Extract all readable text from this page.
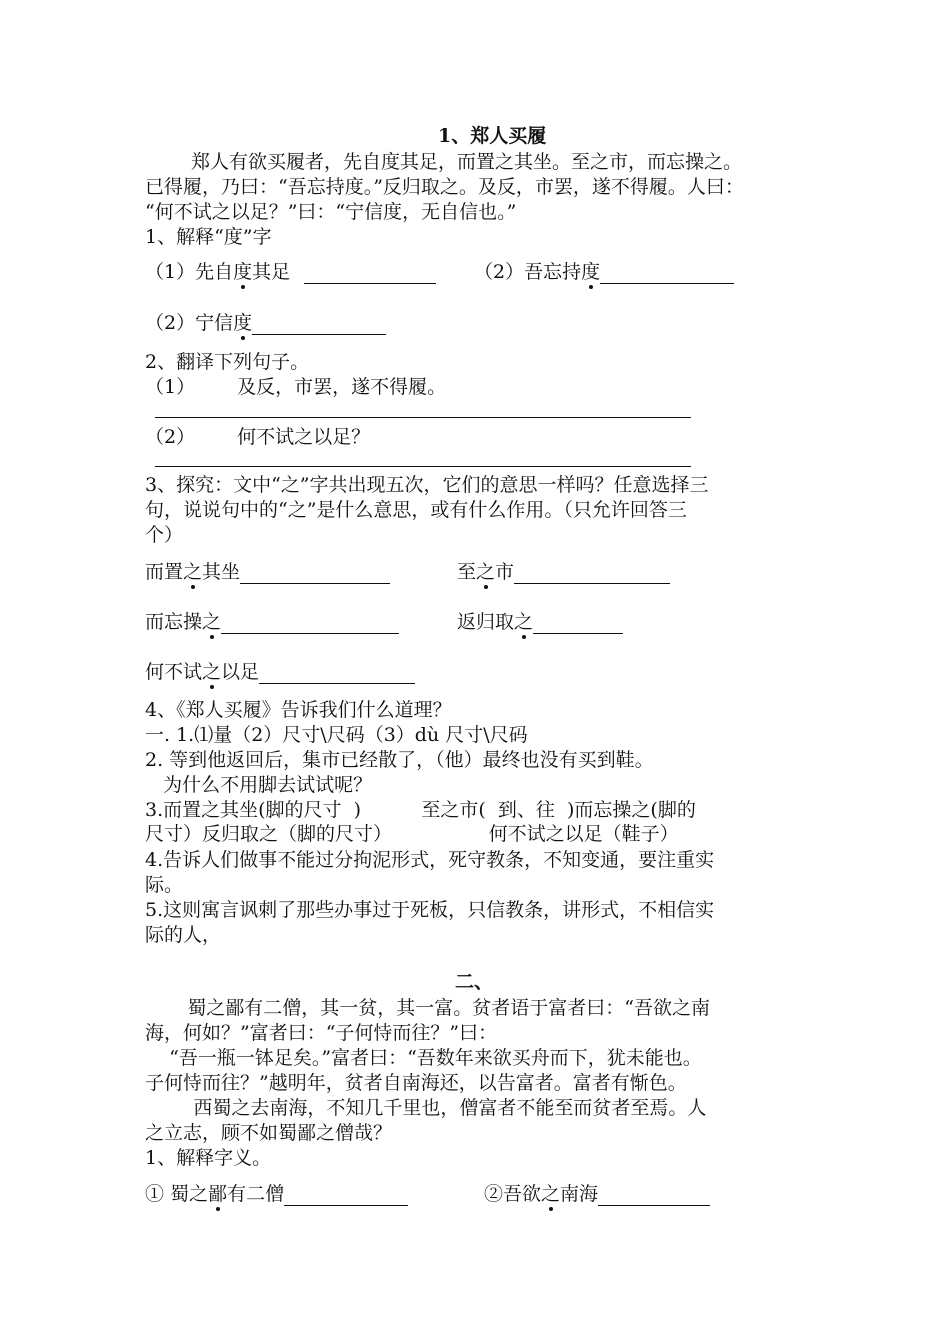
1、郑人买履
郑人有欲买履者，先自度其足，而置之其坐。至之市，而忘操之。
已得履，乃曰：“吾忘持度。”反归取之。及反，市罢，遂不得履。人曰：
“何不试之以足？”曰：“宁信度，无自信也。”
1、解释“度”字
（1）先自度其足	（2）吾忘持度
（2）宁信度
2、翻译下列句子。
（1） 及反，市罢，遂不得履。
（2） 何不试之以足？
3、探究：文中“之”字共出现五次，它们的意思一样吗？任意选择三
句，说说句中的“之”是什么意思，或有什么作用。（只允许回答三
个）
而置之其坐	至之市
而忘操之	返归取之
何不试之以足
4、《郑人买履》告诉我们什么道理？
一. 1.⑴量（2）尺寸\尺码（3）dù 尺寸\尺码
2. 等到他返回后，集市已经散了，（他）最终也没有买到鞋。
为什么不用脚去试试呢？
3.而置之其坐(脚的尺寸  )          至之市(  到、往  )而忘操之(脚的
尺寸）反归取之（脚的尺寸）                何不试之以足（鞋子）
4.告诉人们做事不能过分拘泥形式，死守教条，不知变通，要注重实
际。
5.这则寓言讽刺了那些办事过于死板，只信教条，讲形式，不相信实
际的人，
二、
蜀之鄙有二僧，其一贫，其一富。贫者语于富者曰：“吾欲之南
海，何如？”富者曰：“子何恃而往？”曰：
“吾一瓶一钵足矣。”富者曰：“吾数年来欲买舟而下，犹未能也。
子何恃而往？”越明年，贫者自南海还，以告富者。富者有惭色。
西蜀之去南海，不知几千里也，僧富者不能至而贫者至焉。人
之立志，顾不如蜀鄙之僧哉？
1、解释字义。
① 蜀之鄙有二僧	②吾欲之南海
